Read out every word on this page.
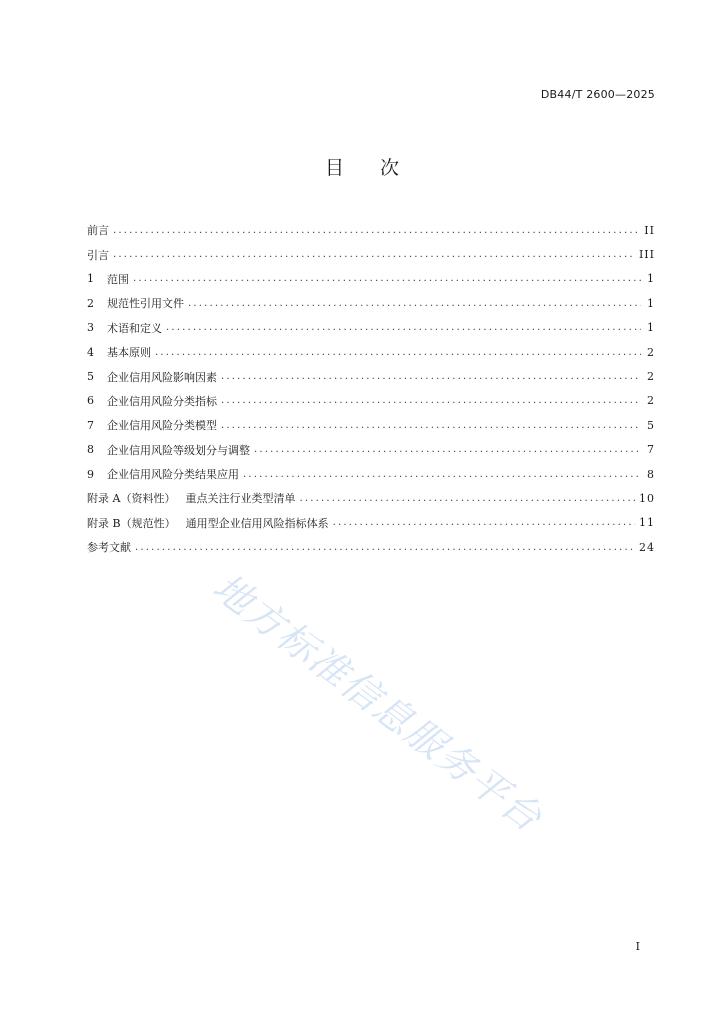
DB44/T 2600—2025
目 次
前言 .....	II
引言 .....	III
1	范围 .....	1
2	规范性引用文件 .....	1
3	术语和定义 .....	1
4	基本原则 .....	2
5	企业信用风险影响因素 .....	2
6	企业信用风险分类指标 .....	2
7	企业信用风险分类模型 .....	5
8	企业信用风险等级划分与调整 .....	7
9	企业信用风险分类结果应用 .....	8
附录 A（资料性） 重点关注行业类型清单 .....	10
附录 B（规范性） 通用型企业信用风险指标体系 .....	11
参考文献 .....	24
地方标准信息服务平台
I
